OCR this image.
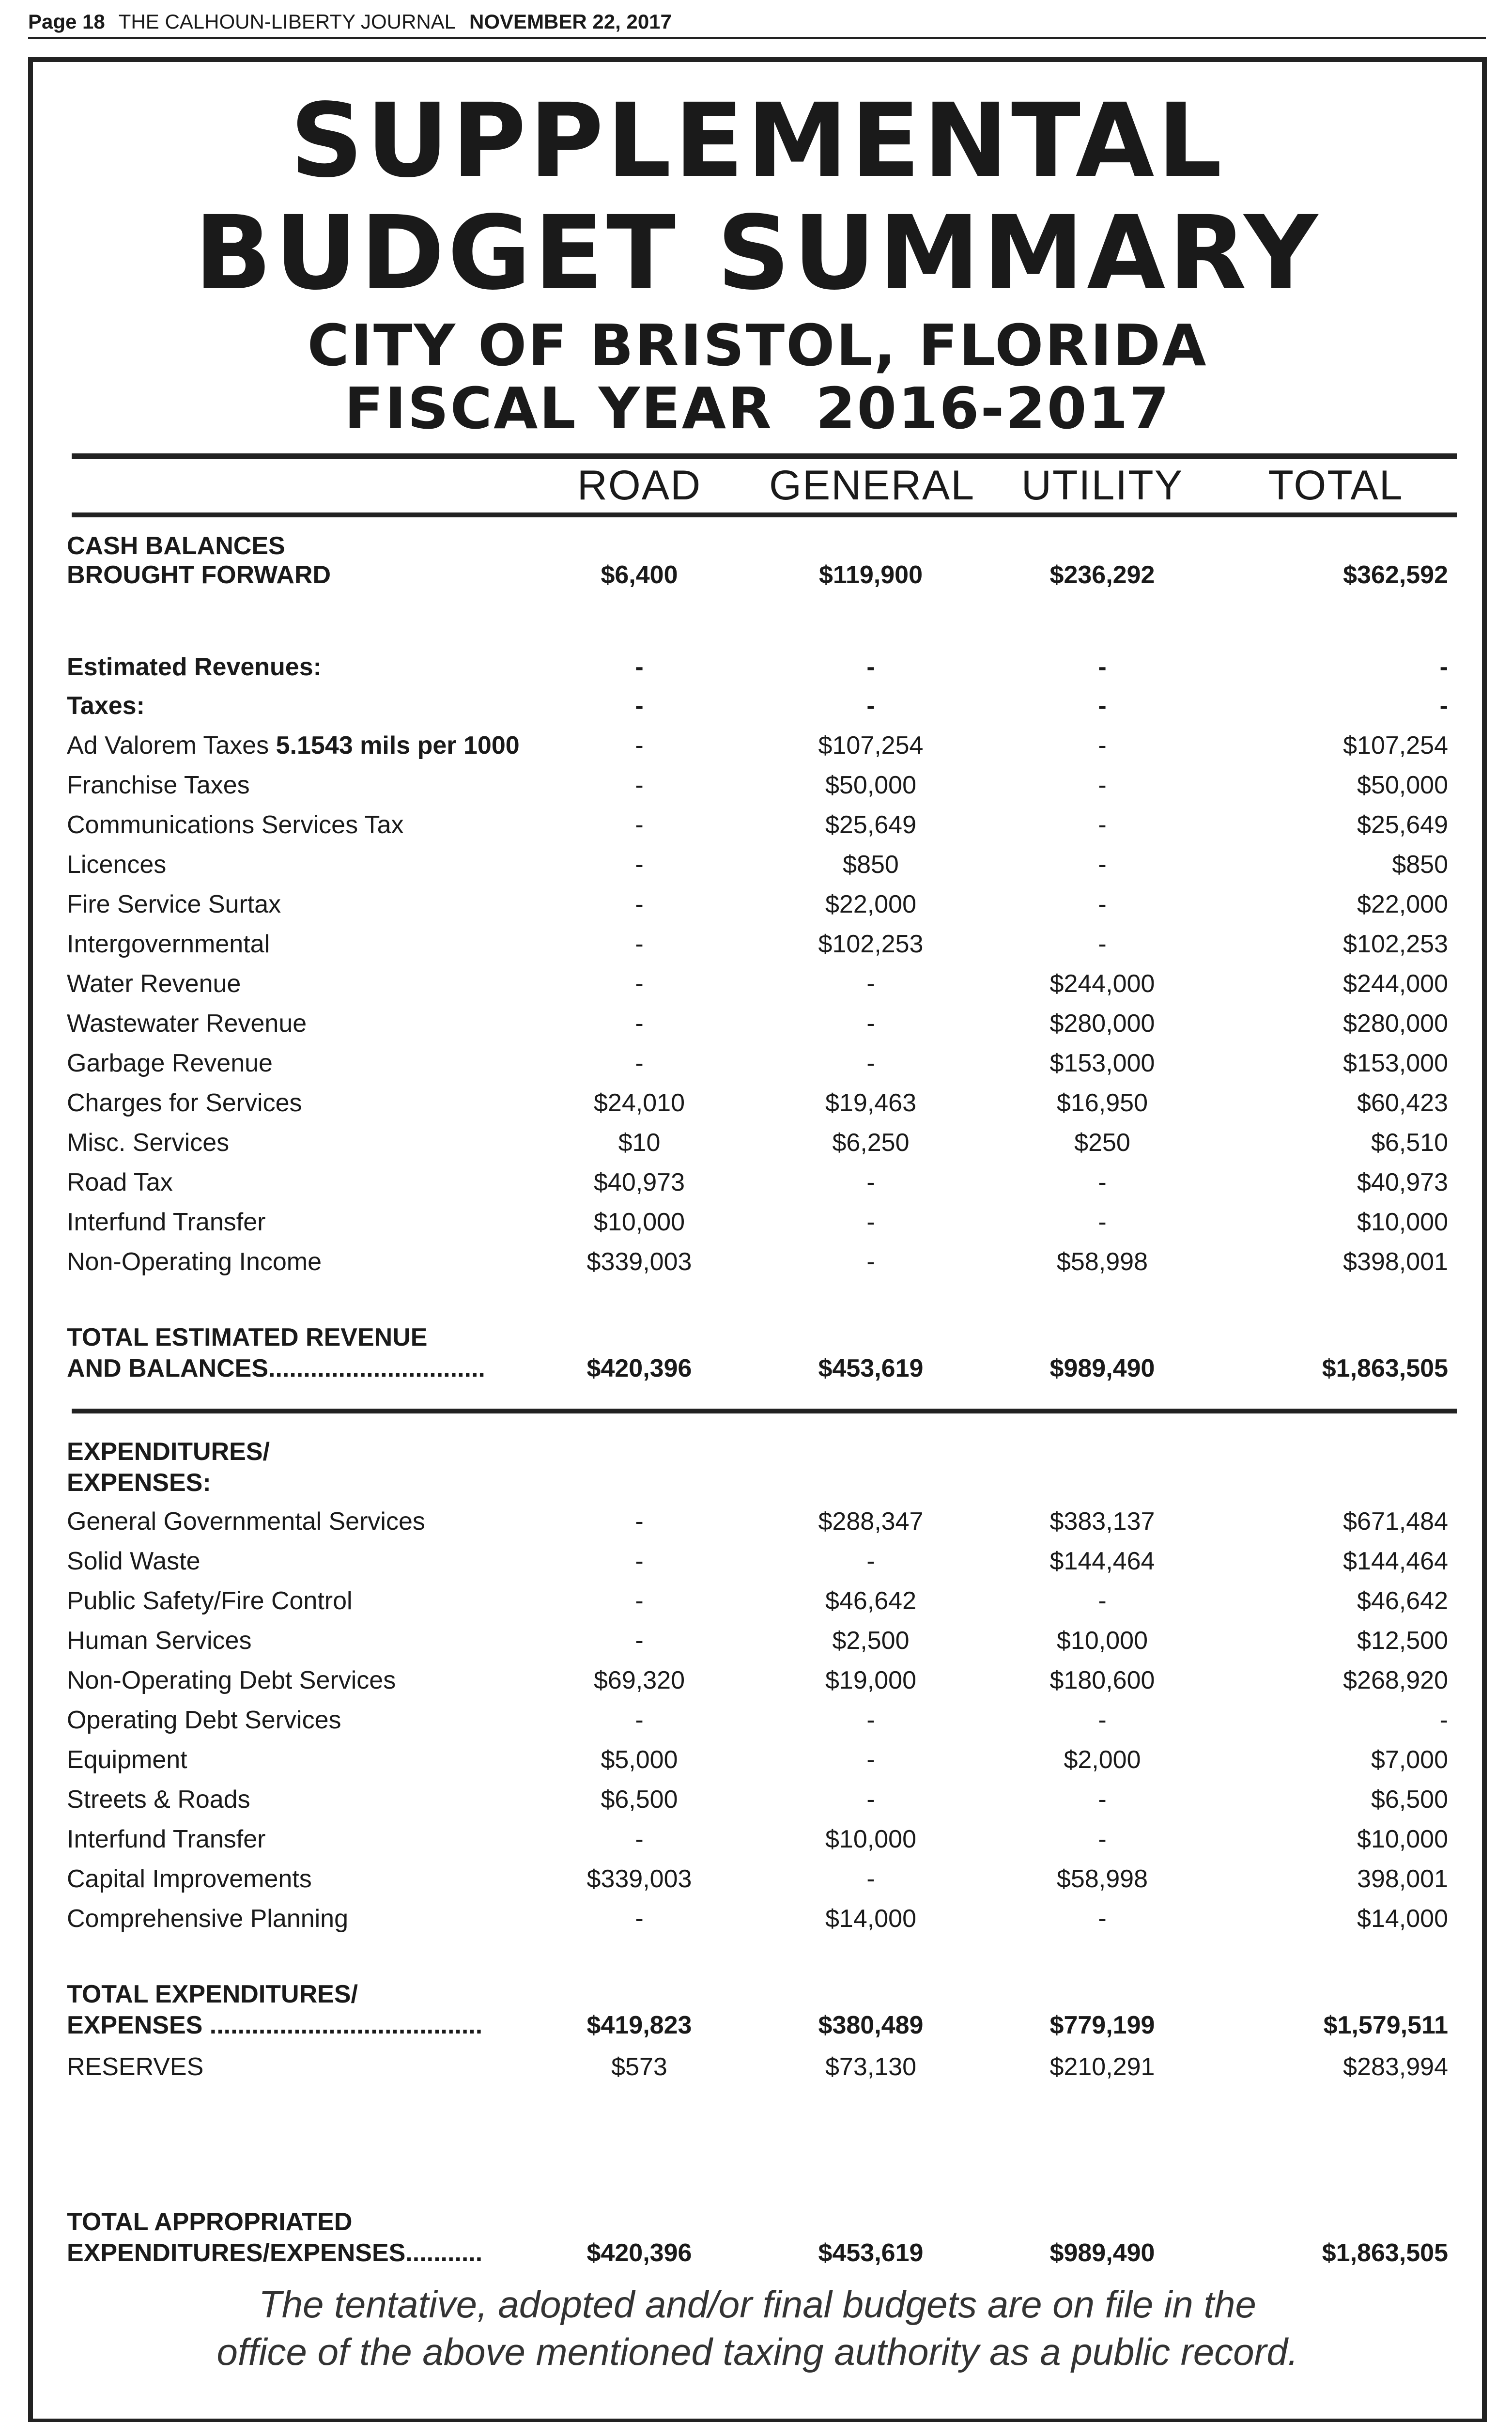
Page 18 THE CALHOUN-LIBERTY JOURNAL NOVEMBER 22, 2017
SUPPLEMENTAL
BUDGET SUMMARY
CITY OF BRISTOL, FLORIDA
FISCAL YEAR  2016-2017
ROAD	GENERAL	UTILITY	TOTAL
CASH BALANCES
BROUGHT FORWARD	$6,400	$119,900	$236,292	$362,592
Estimated Revenues:	-	-	-	-
Taxes:	-	-	-	-
Ad Valorem Taxes 5.1543 mils per 1000	-	$107,254	-	$107,254
Franchise Taxes	-	$50,000	-	$50,000
Communications Services Tax	-	$25,649	-	$25,649
Licences	-	$850	-	$850
Fire Service Surtax	-	$22,000	-	$22,000
Intergovernmental	-	$102,253	-	$102,253
Water Revenue	-	-	$244,000	$244,000
Wastewater Revenue	-	-	$280,000	$280,000
Garbage Revenue	-	-	$153,000	$153,000
Charges for Services	$24,010	$19,463	$16,950	$60,423
Misc. Services	$10	$6,250	$250	$6,510
Road Tax	$40,973	-	-	$40,973
Interfund Transfer	$10,000	-	-	$10,000
Non-Operating Income	$339,003	-	$58,998	$398,001
TOTAL ESTIMATED REVENUE
AND BALANCES...............................	$420,396	$453,619	$989,490	$1,863,505
EXPENDITURES/
EXPENSES:
General Governmental Services	-	$288,347	$383,137	$671,484
Solid Waste	-	-	$144,464	$144,464
Public Safety/Fire Control	-	$46,642	-	$46,642
Human Services	-	$2,500	$10,000	$12,500
Non-Operating Debt Services	$69,320	$19,000	$180,600	$268,920
Operating Debt Services	-	-	-	-
Equipment	$5,000	-	$2,000	$7,000
Streets & Roads	$6,500	-	-	$6,500
Interfund Transfer	-	$10,000	-	$10,000
Capital Improvements	$339,003	-	$58,998	398,001
Comprehensive Planning	-	$14,000	-	$14,000
TOTAL EXPENDITURES/
EXPENSES .......................................	$419,823	$380,489	$779,199	$1,579,511
RESERVES	$573	$73,130	$210,291	$283,994
TOTAL APPROPRIATED
EXPENDITURES/EXPENSES...........	$420,396	$453,619	$989,490	$1,863,505
The tentative, adopted and/or final budgets are on file in the
office of the above mentioned taxing authority as a public record.
